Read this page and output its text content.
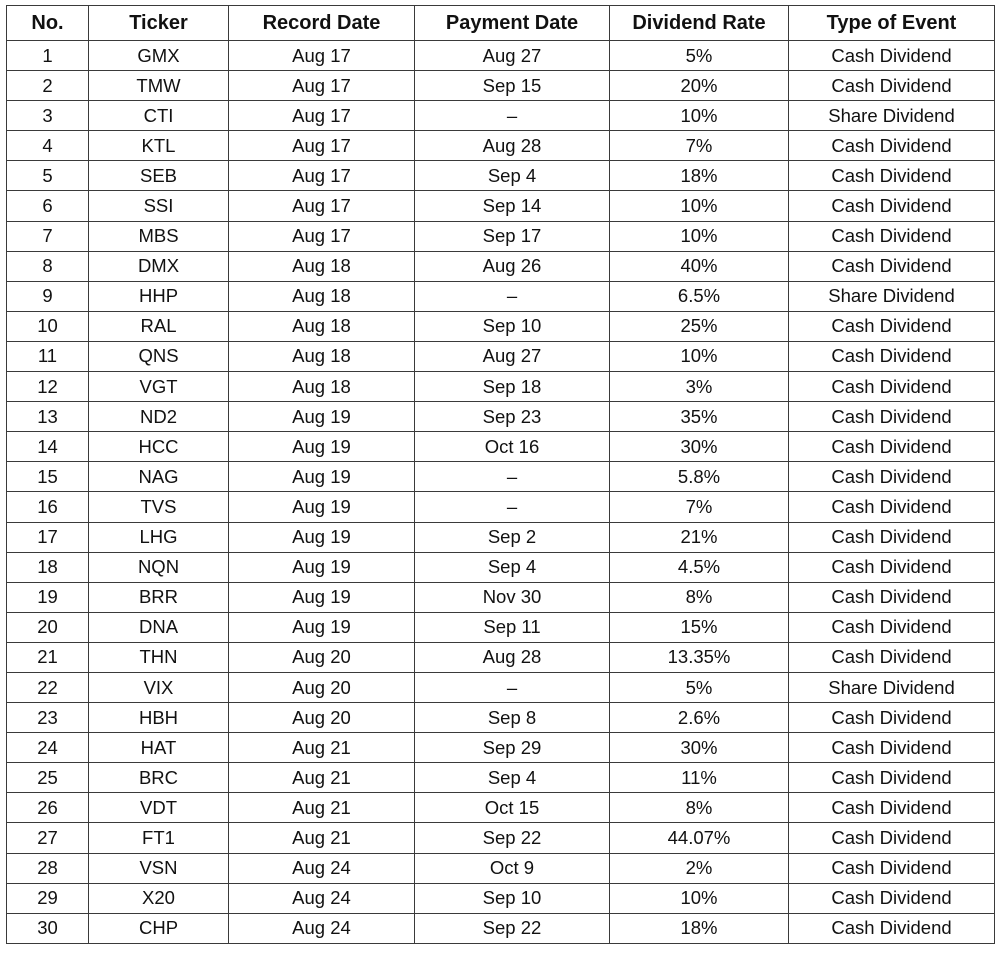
No.	Ticker	Record Date	Payment Date	Dividend Rate	Type of Event
1	GMX	Aug 17	Aug 27	5%	Cash Dividend
2	TMW	Aug 17	Sep 15	20%	Cash Dividend
3	CTI	Aug 17	–	10%	Share Dividend
4	KTL	Aug 17	Aug 28	7%	Cash Dividend
5	SEB	Aug 17	Sep 4	18%	Cash Dividend
6	SSI	Aug 17	Sep 14	10%	Cash Dividend
7	MBS	Aug 17	Sep 17	10%	Cash Dividend
8	DMX	Aug 18	Aug 26	40%	Cash Dividend
9	HHP	Aug 18	–	6.5%	Share Dividend
10	RAL	Aug 18	Sep 10	25%	Cash Dividend
11	QNS	Aug 18	Aug 27	10%	Cash Dividend
12	VGT	Aug 18	Sep 18	3%	Cash Dividend
13	ND2	Aug 19	Sep 23	35%	Cash Dividend
14	HCC	Aug 19	Oct 16	30%	Cash Dividend
15	NAG	Aug 19	–	5.8%	Cash Dividend
16	TVS	Aug 19	–	7%	Cash Dividend
17	LHG	Aug 19	Sep 2	21%	Cash Dividend
18	NQN	Aug 19	Sep 4	4.5%	Cash Dividend
19	BRR	Aug 19	Nov 30	8%	Cash Dividend
20	DNA	Aug 19	Sep 11	15%	Cash Dividend
21	THN	Aug 20	Aug 28	13.35%	Cash Dividend
22	VIX	Aug 20	–	5%	Share Dividend
23	HBH	Aug 20	Sep 8	2.6%	Cash Dividend
24	HAT	Aug 21	Sep 29	30%	Cash Dividend
25	BRC	Aug 21	Sep 4	11%	Cash Dividend
26	VDT	Aug 21	Oct 15	8%	Cash Dividend
27	FT1	Aug 21	Sep 22	44.07%	Cash Dividend
28	VSN	Aug 24	Oct 9	2%	Cash Dividend
29	X20	Aug 24	Sep 10	10%	Cash Dividend
30	CHP	Aug 24	Sep 22	18%	Cash Dividend
